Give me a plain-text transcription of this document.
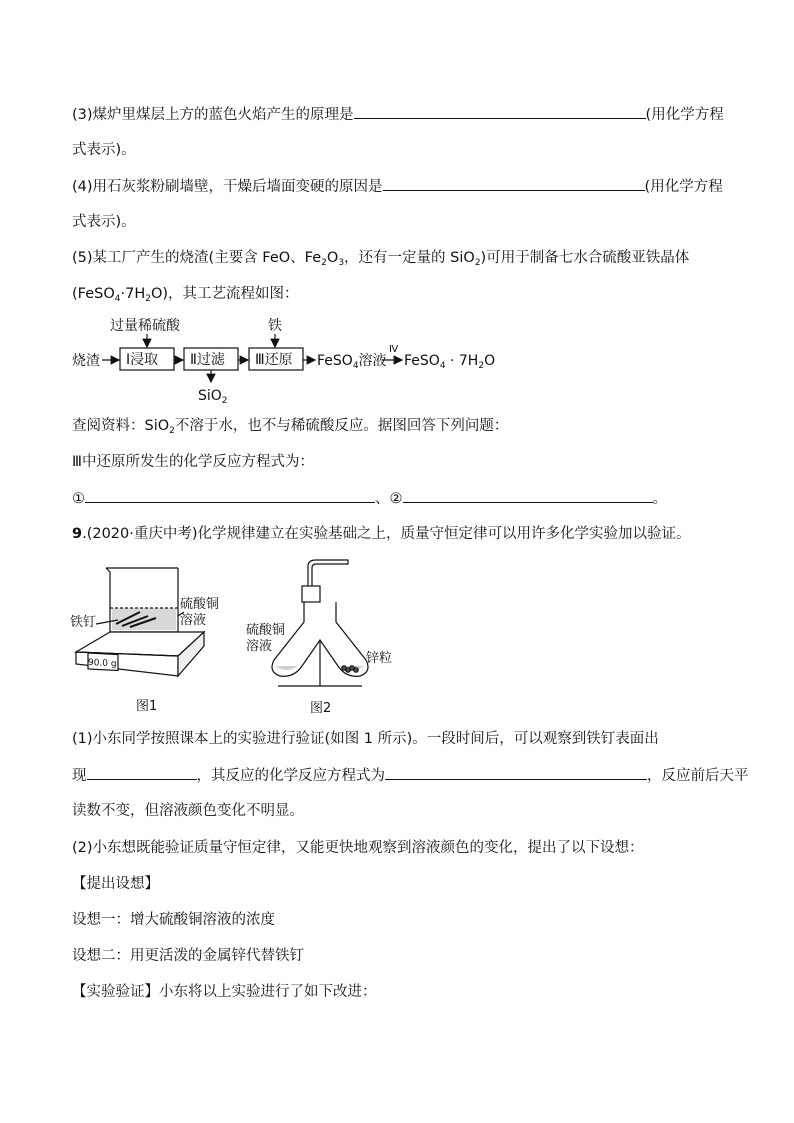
(3)煤炉里煤层上方的蓝色火焰产生的原理是	(用化学方程
式表示)。
(4)用石灰浆粉刷墙壁，干燥后墙面变硬的原因是	(用化学方程
式表示)。
(5)某工厂产生的烧渣(主要含 FeO、$Fe_2O_3$，还有一定量的 SiO$_2$)可用于制备七水合硫酸亚铁晶体
$(FeSO_4\cdot 7H_2O)$，其工艺流程如图：
烧渣 Ⅰ浸取
过量稀硫酸
Ⅱ过滤
SiO$_2$
Ⅲ还原
铁
FeSO$_4$溶液
Ⅳ
FeSO$_4$ · $7H_2O$
查阅资料：SiO$_2$不溶于水，也不与稀硫酸反应。据图回答下列问题：
Ⅲ中还原所发生的化学反应方程式为：
①	、②	。
9.(2020·重庆中考)化学规律建立在实验基础之上，质量守恒定律可以用许多化学实验加以验证。
铁钉
硫酸铜
溶液
90.0 g
图1
硫酸铜
溶液
锌粒
图2
(1)小东同学按照课本上的实验进行验证(如图 1 所示)。一段时间后，可以观察到铁钉表面出
现	，其反应的化学反应方程式为	，反应前后天平
读数不变，但溶液颜色变化不明显。
(2)小东想既能验证质量守恒定律，又能更快地观察到溶液颜色的变化，提出了以下设想：
【提出设想】
设想一：增大硫酸铜溶液的浓度
设想二：用更活泼的金属锌代替铁钉
【实验验证】小东将以上实验进行了如下改进：
